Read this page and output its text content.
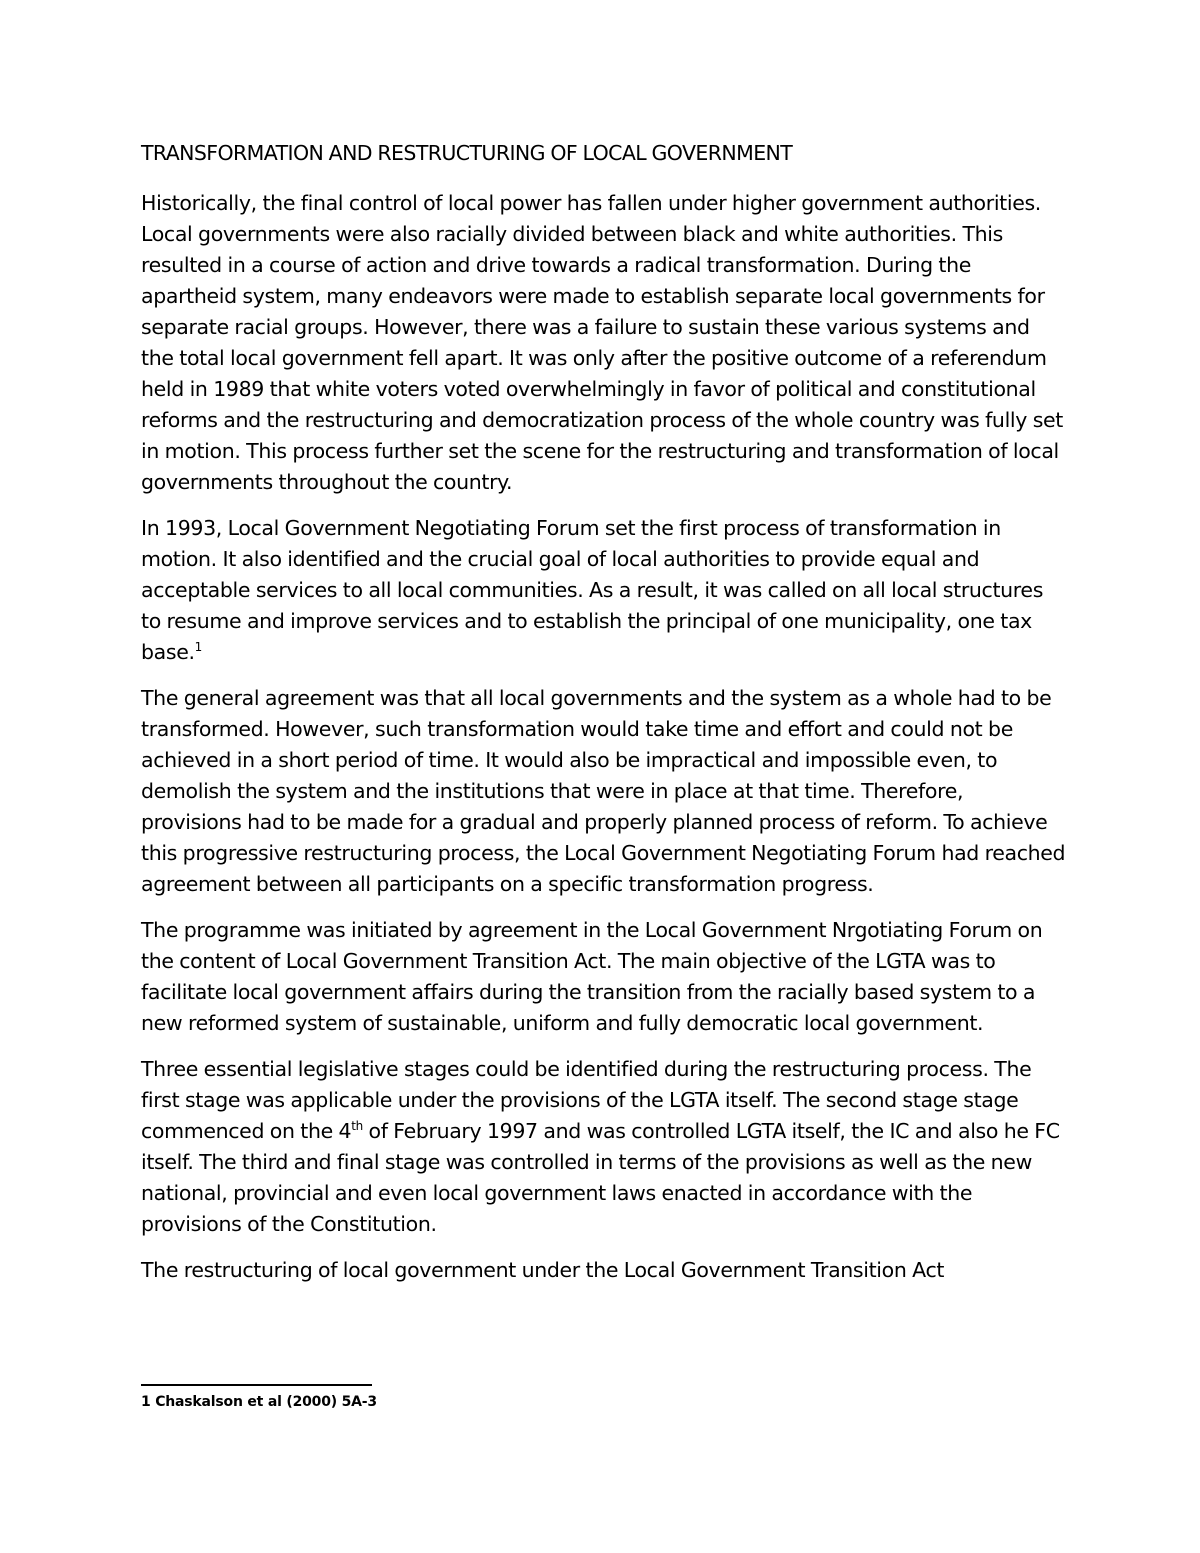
TRANSFORMATION AND RESTRUCTURING OF LOCAL GOVERNMENT

Historically, the final control of local power has fallen under higher government authorities. Local governments were also racially divided between black and white authorities. This resulted in a course of action and drive towards a radical transformation. During the apartheid system, many endeavors were made to establish separate local governments for separate racial groups. However, there was a failure to sustain these various systems and the total local government fell apart. It was only after the positive outcome of a referendum held in 1989 that white voters voted overwhelmingly in favor of political and constitutional reforms and the restructuring and democratization process of the whole country was fully set in motion. This process further set the scene for the restructuring and transformation of local governments throughout the country.

In 1993, Local Government Negotiating Forum set the first process of transformation in motion. It also identified and the crucial goal of local authorities to provide equal and acceptable services to all local communities. As a result, it was called on all local structures to resume and improve services and to establish the principal of one municipality, one tax base.$^1$

The general agreement was that all local governments and the system as a whole had to be transformed. However, such transformation would take time and effort and could not be achieved in a short period of time. It would also be impractical and impossible even, to demolish the system and the institutions that were in place at that time. Therefore, provisions had to be made for a gradual and properly planned process of reform. To achieve this progressive restructuring process, the Local Government Negotiating Forum had reached agreement between all participants on a specific transformation progress.

The programme was initiated by agreement in the Local Government Nrgotiating Forum on the content of Local Government Transition Act. The main objective of the LGTA was to facilitate local government affairs during the transition from the racially based system to a new reformed system of sustainable, uniform and fully democratic local government.

Three essential legislative stages could be identified during the restructuring process. The first stage was applicable under the provisions of the LGTA itself. The second stage stage commenced on the 4th of February 1997 and was controlled LGTA itself, the IC and also he FC itself. The third and final stage was controlled in terms of the provisions as well as the new national, provincial and even local government laws enacted in accordance with the provisions of the Constitution.

The restructuring of local government under the Local Government Transition Act

1 Chaskalson et al (2000) 5A-3
